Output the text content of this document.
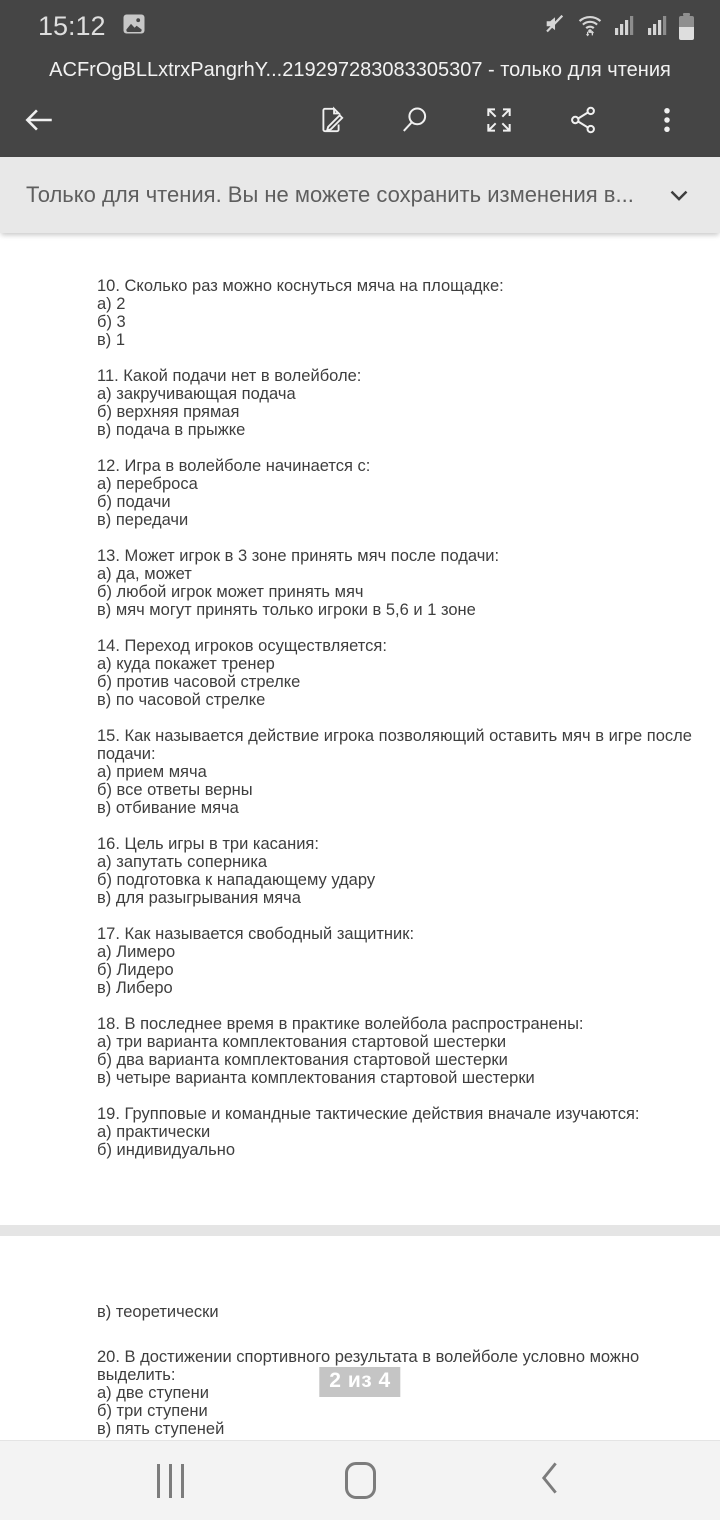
15:12
ACFrOgBLLxtrxPangrhY...219297283083305307 - только для чтения
Только для чтения. Вы не можете сохранить изменения в...
10. Сколько раз можно коснуться мяча на площадке:
а) 2
б) 3
в) 1
11. Какой подачи нет в волейболе:
а) закручивающая подача
б) верхняя прямая
в) подача в прыжке
12. Игра в волейболе начинается с:
а) переброса
б) подачи
в) передачи
13. Может игрок в 3 зоне принять мяч после подачи:
а) да, может
б) любой игрок может принять мяч
в) мяч могут принять только игроки в 5,6 и 1 зоне
14. Переход игроков осуществляется:
а) куда покажет тренер
б) против часовой стрелке
в) по часовой стрелке
15. Как называется действие игрока позволяющий оставить мяч в игре после подачи:
а) прием мяча
б) все ответы верны
в) отбивание мяча
16. Цель игры в три касания:
а) запутать соперника
б) подготовка к нападающему удару
в) для разыгрывания мяча
17. Как называется свободный защитник:
а) Лимеро
б) Лидеро
в) Либеро
18. В последнее время в практике волейбола распространены:
а) три варианта комплектования стартовой шестерки
б) два варианта комплектования стартовой шестерки
в) четыре варианта комплектования стартовой шестерки
19. Групповые и командные тактические действия вначале изучаются:
а) практически
б) индивидуально
в) теоретически
20. В достижении спортивного результата в волейболе условно можно выделить:
а) две ступени
б) три ступени
в) пять ступеней
2 из 4
